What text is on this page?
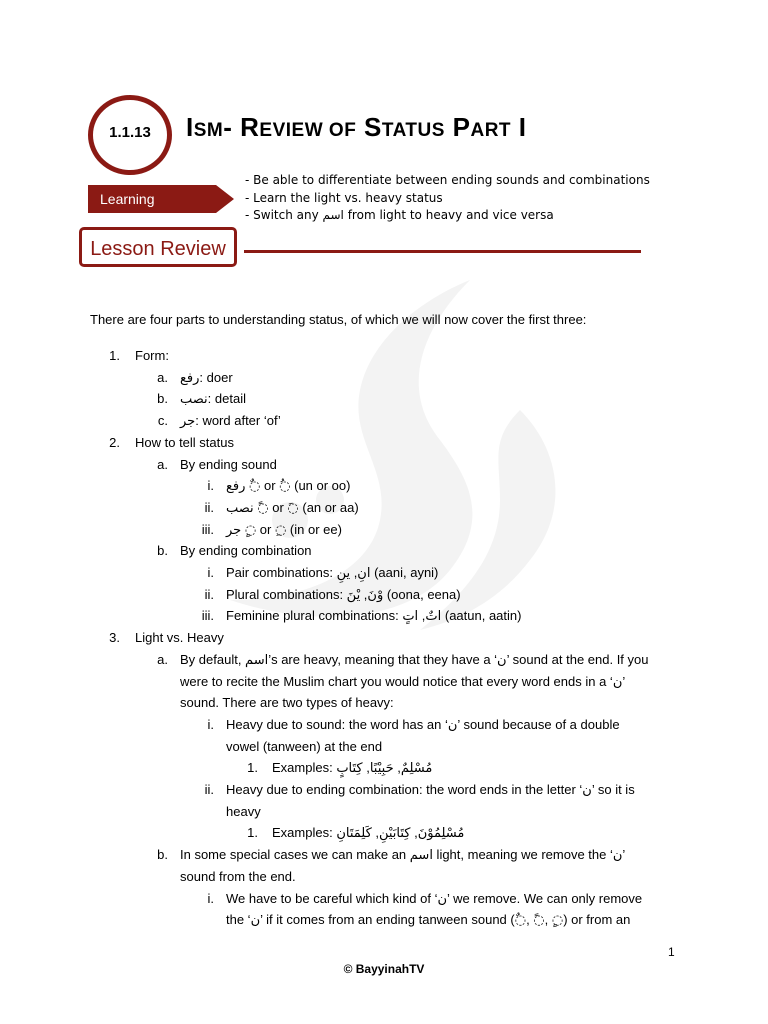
1.1.13	ISM- REVIEW OF STATUS PART I
Learning
- Be able to differentiate between ending sounds and combinations
- Learn the light vs. heavy status
- Switch any اسم from light to heavy and vice versa
Lesson Review
There are four parts to understanding status, of which we will now cover the first three:
1. Form:
a. رفع: doer
b. نصب: detail
c. جر: word after ‘of’
2. How to tell status
a. By ending sound
i. رفع ◌ٌ or ◌ُ (un or oo)
ii. نصب ◌ً or ◌َ (an or aa)
iii. جر ◌ٍ or ◌ِ (in or ee)
b. By ending combination
i. Pair combinations: انِ, ينِ (aani, ayni)
ii. Plural combinations: وْنَ, يْنَ (oona, eena)
iii. Feminine plural combinations: اتٌ, اتٍ (aatun, aatin)
3. Light vs. Heavy
a. By default, اسم’s are heavy, meaning that they have a ‘ن’ sound at the end. If you
were to recite the Muslim chart you would notice that every word ends in a ‘ن’
sound. There are two types of heavy:
i. Heavy due to sound: the word has an ‘ن’ sound because of a double
vowel (tanween) at the end
1. Examples: مُسْلِمٌ, حَبِيْبًا, كِتَابٍ
ii. Heavy due to ending combination: the word ends in the letter ‘ن’ so it is
heavy
1. Examples: مُسْلِمُوْنَ, كِتَابَيْنِ, كَلِمَتَانِ
b. In some special cases we can make an اسم light, meaning we remove the ‘ن’
sound from the end.
i. We have to be careful which kind of ‘ن’ we remove. We can only remove
the ‘ن’ if it comes from an ending tanween sound (◌ٌ, ◌ً, ◌ٍ) or from an
1
© BayyinahTV
